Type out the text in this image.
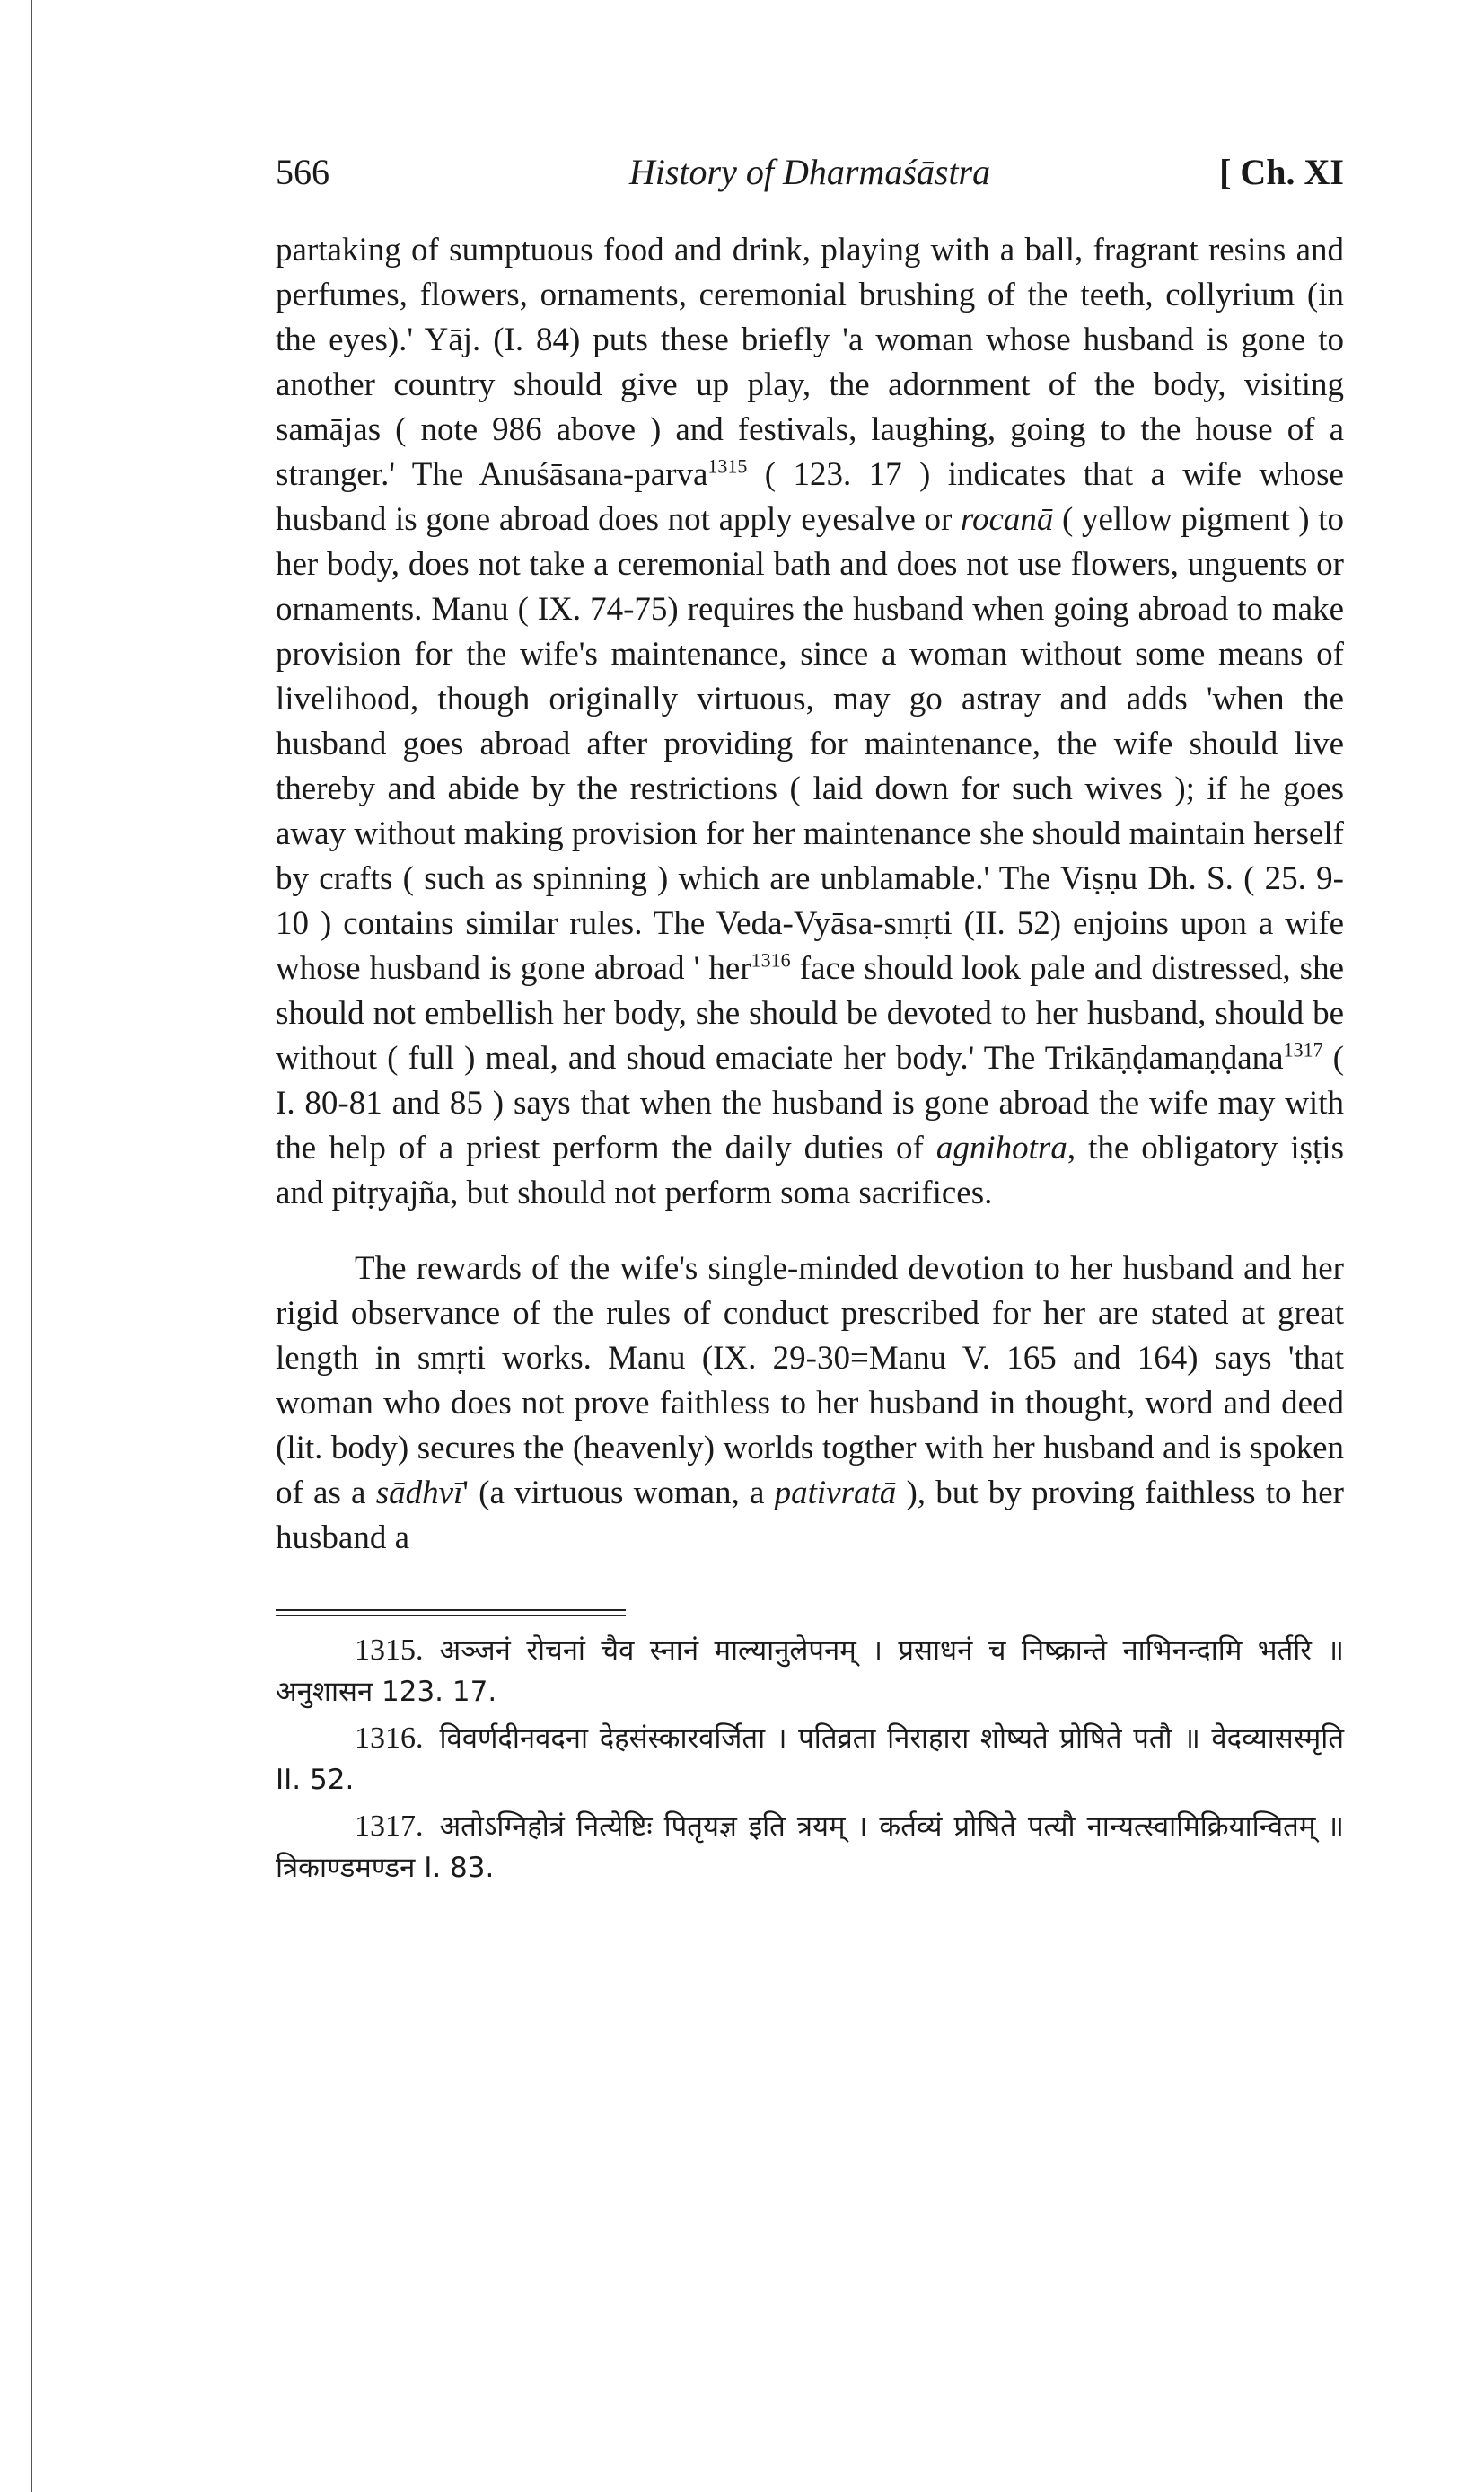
566	History of Dharmaśāstra	[ Ch. XI

partaking of sumptuous food and drink, playing with a ball, fragrant resins and perfumes, flowers, ornaments, ceremonial brushing of the teeth, collyrium (in the eyes).' Yāj. (I. 84) puts these briefly 'a woman whose husband is gone to another country should give up play, the adornment of the body, visiting samājas ( note 986 above ) and festivals, laughing, going to the house of a stranger.' The Anuśāsana-parva$^{1315}$ ( 123. 17 ) indicates that a wife whose husband is gone abroad does not apply eyesalve or rocanā ( yellow pigment ) to her body, does not take a ceremonial bath and does not use flowers, unguents or ornaments. Manu ( IX. 74-75) requires the husband when going abroad to make provision for the wife's maintenance, since a woman without some means of livelihood, though originally virtuous, may go astray and adds 'when the husband goes abroad after providing for maintenance, the wife should live thereby and abide by the restrictions ( laid down for such wives ); if he goes away without making provision for her maintenance she should maintain herself by crafts ( such as spinning ) which are unblamable.' The Viṣṇu Dh. S. ( 25. 9-10 ) contains similar rules. The Veda-Vyāsa-smṛti (II. 52) enjoins upon a wife whose husband is gone abroad ' her$^{1316}$ face should look pale and distressed, she should not embellish her body, she should be devoted to her husband, should be without ( full ) meal, and shoud emaciate her body.' The Trikāṇḍamaṇḍana$^{1317}$ ( I. 80-81 and 85 ) says that when the husband is gone abroad the wife may with the help of a priest perform the daily duties of agnihotra, the obligatory iṣṭis and pitṛyajña, but should not perform soma sacrifices.

The rewards of the wife's single-minded devotion to her husband and her rigid observance of the rules of conduct prescribed for her are stated at great length in smṛti works. Manu (IX. 29-30=Manu V. 165 and 164) says 'that woman who does not prove faithless to her husband in thought, word and deed (lit. body) secures the (heavenly) worlds togther with her husband and is spoken of as a sādhvī' (a virtuous woman, a pativratā ), but by proving faithless to her husband a

1315. अञ्जनं रोचनां चैव स्नानं माल्यानुलेपनम् । प्रसाधनं च निष्क्रान्ते नाभिनन्दामि भर्तरि ॥ अनुशासन 123. 17.

1316. विवर्णदीनवदना देहसंस्कारवर्जिता । पतिव्रता निराहारा शोष्यते प्रोषिते पतौ ॥ वेदव्यासस्मृति II. 52.

1317. अतोऽग्निहोत्रं नित्येष्टिः पितृयज्ञ इति त्रयम् । कर्तव्यं प्रोषिते पत्यौ नान्यत्स्वामिक्रियान्वितम् ॥ त्रिकाण्डमण्डन I. 83.
